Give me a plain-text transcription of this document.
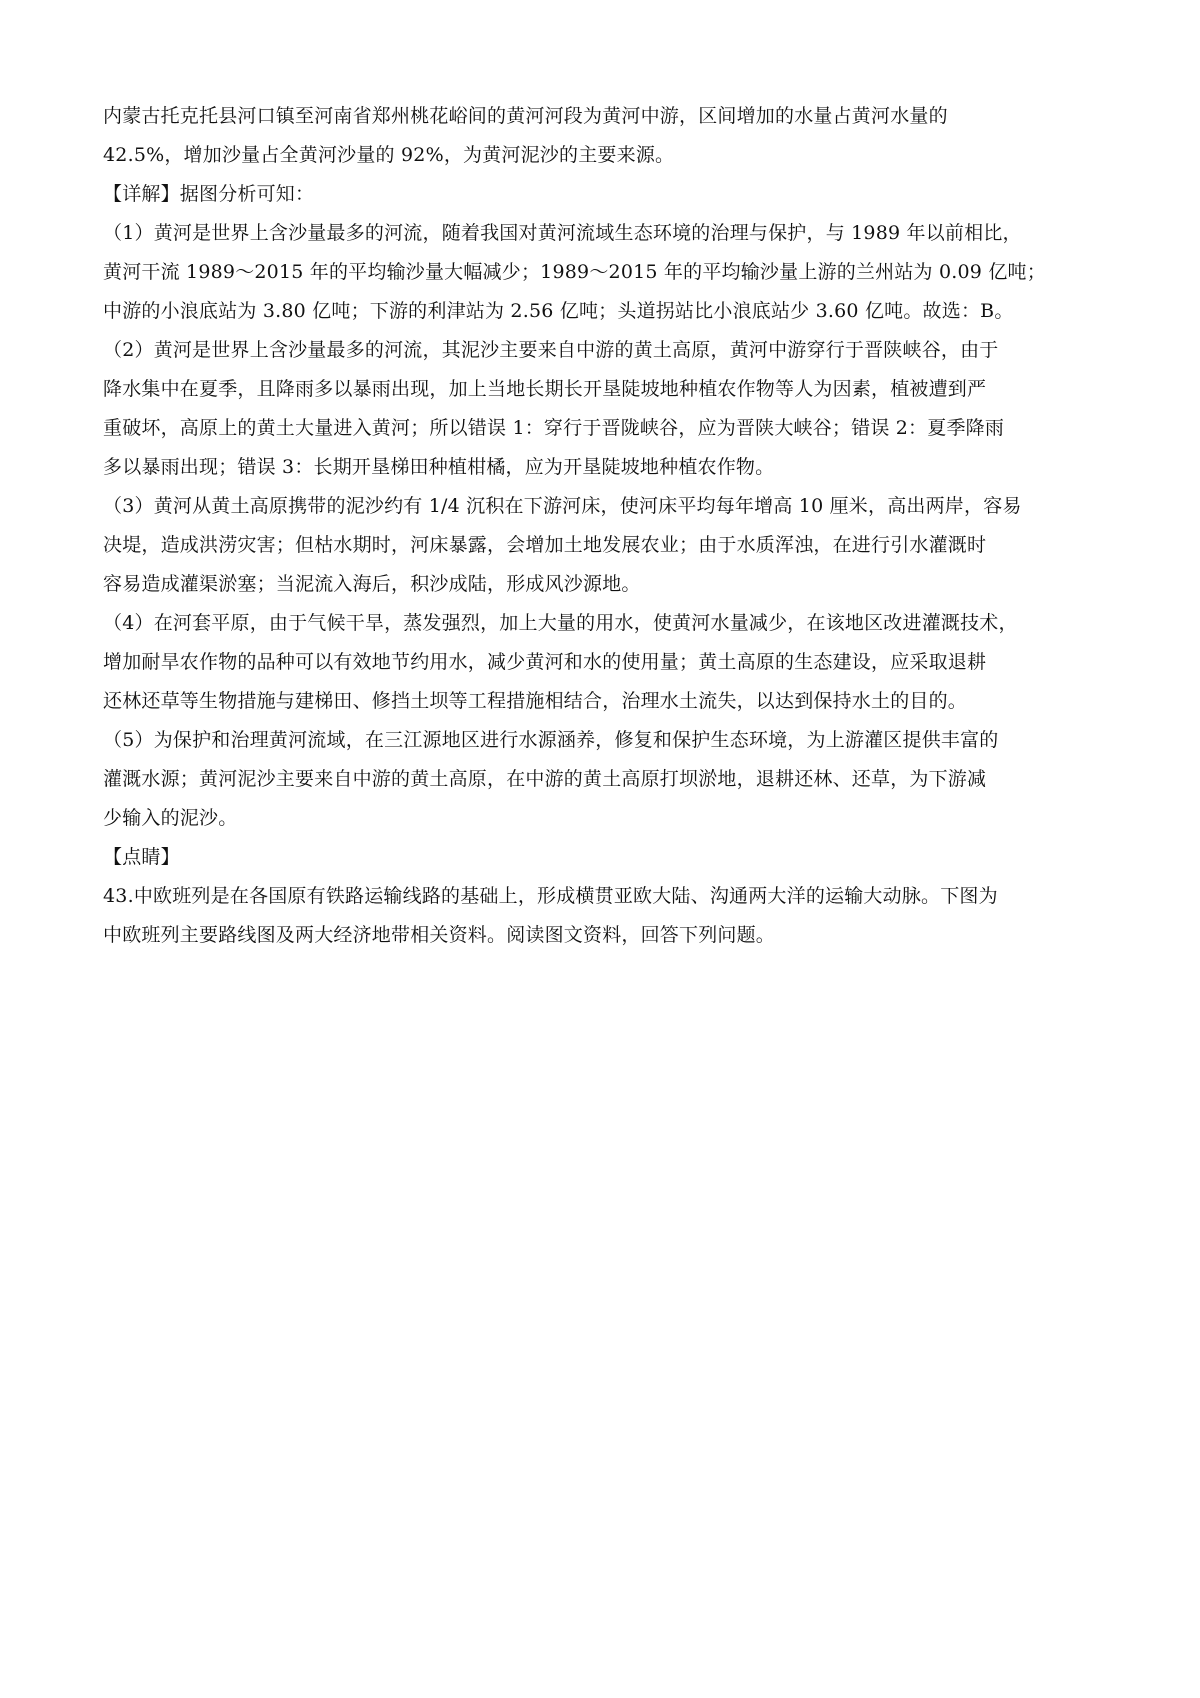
内蒙古托克托县河口镇至河南省郑州桃花峪间的黄河河段为黄河中游，区间增加的水量占黄河水量的
42.5%，增加沙量占全黄河沙量的 92%，为黄河泥沙的主要来源。
【详解】据图分析可知：
（1）黄河是世界上含沙量最多的河流，随着我国对黄河流域生态环境的治理与保护，与 1989 年以前相比，
黄河干流 1989～2015 年的平均输沙量大幅减少；1989～2015 年的平均输沙量上游的兰州站为 0.09 亿吨；
中游的小浪底站为 3.80 亿吨；下游的利津站为 2.56 亿吨；头道拐站比小浪底站少 3.60 亿吨。故选：B。
（2）黄河是世界上含沙量最多的河流，其泥沙主要来自中游的黄土高原，黄河中游穿行于晋陕峡谷，由于
降水集中在夏季，且降雨多以暴雨出现，加上当地长期长开垦陡坡地种植农作物等人为因素，植被遭到严
重破坏，高原上的黄土大量进入黄河；所以错误 1：穿行于晋陇峡谷，应为晋陕大峡谷；错误 2：夏季降雨
多以暴雨出现；错误 3：长期开垦梯田种植柑橘，应为开垦陡坡地种植农作物。
（3）黄河从黄土高原携带的泥沙约有 1/4 沉积在下游河床，使河床平均每年增高 10 厘米，高出两岸，容易
决堤，造成洪涝灾害；但枯水期时，河床暴露，会增加土地发展农业；由于水质浑浊，在进行引水灌溉时
容易造成灌渠淤塞；当泥流入海后，积沙成陆，形成风沙源地。
（4）在河套平原，由于气候干旱，蒸发强烈，加上大量的用水，使黄河水量减少，在该地区改进灌溉技术，
增加耐旱农作物的品种可以有效地节约用水，减少黄河和水的使用量；黄土高原的生态建设，应采取退耕
还林还草等生物措施与建梯田、修挡土坝等工程措施相结合，治理水土流失，以达到保持水土的目的。
（5）为保护和治理黄河流域，在三江源地区进行水源涵养，修复和保护生态环境，为上游灌区提供丰富的
灌溉水源；黄河泥沙主要来自中游的黄土高原，在中游的黄土高原打坝淤地，退耕还林、还草，为下游减
少输入的泥沙。
【点睛】
43.中欧班列是在各国原有铁路运输线路的基础上，形成横贯亚欧大陆、沟通两大洋的运输大动脉。下图为
中欧班列主要路线图及两大经济地带相关资料。阅读图文资料，回答下列问题。
